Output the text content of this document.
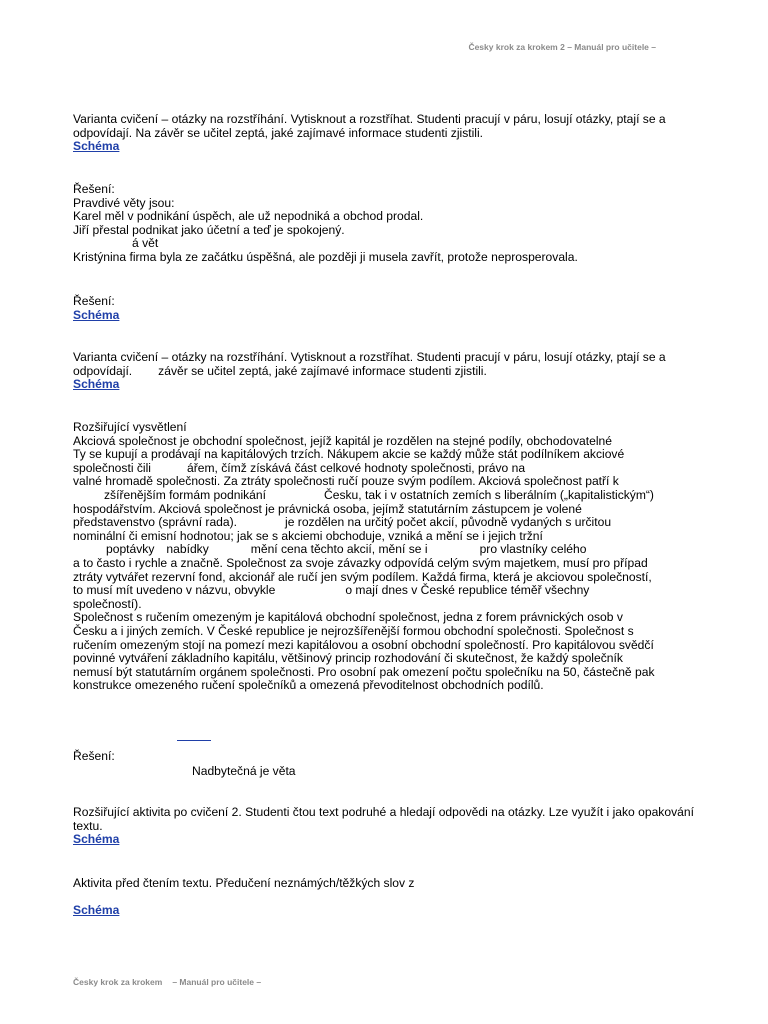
Česky krok za krokem 2 – Manuál pro učitele –

Varianta cvičení – otázky na rozstříhání. Vytisknout a rozstříhat. Studenti pracují v páru, losují otázky, ptají se a odpovídají. Na závěr se učitel zeptá, jaké zajímavé informace studenti zjistili.

Schéma

Řešení:

Pravdivé věty jsou:

Karel měl v podnikání úspěch, ale už nepodniká a obchod prodal.

Jiří přestal podnikat jako účetní a teď je spokojený.

á vět

Kristýnina firma byla ze začátku úspěšná, ale později ji musela zavřít, protože neprosperovala.

Řešení:

Schéma

Varianta cvičení – otázky na rozstříhání. Vytisknout a rozstříhat. Studenti pracují v páru, losují otázky, ptají se a odpovídají. závěr se učitel zeptá, jaké zajímavé informace studenti zjistili.

Schéma

Rozšiřující vysvětlení

Akciová společnost je obchodní společnost, jejíž kapitál je rozdělen na stejné podíly, obchodovatelné

Ty se kupují a prodávají na kapitálových trzích. Nákupem akcie se každý může stát podílníkem akciové

společnosti čili	ářem, čímž získává část celkové hodnoty společnosti, právo na

valné hromadě společnosti. Za ztráty společnosti ručí pouze svým podílem. Akciová společnost patří k

zšířenějším formám podnikání	Česku, tak i v ostatních zemích s liberálním („kapitalistickým“)

hospodářstvím. Akciová společnost je právnická osoba, jejímž statutárním zástupcem je volené

představenstvo (správní rada).	je rozdělen na určitý počet akcií, původně vydaných s určitou

nominální či emisní hodnotou; jak se s akciemi obchoduje, vzniká a mění se i jejich tržní

poptávky nabídky	mění cena těchto akcií, mění se i	pro vlastníky celého

a to často i rychle a značně. Společnost za svoje závazky odpovídá celým svým majetkem, musí pro případ

ztráty vytvářet rezervní fond, akcionář ale ručí jen svým podílem. Každá firma, která je akciovou společností,

to musí mít uvedeno v názvu, obvykle	o mají dnes v České republice téměř všechny

společností).

Společnost s ručením omezeným je kapitálová obchodní společnost, jedna z forem právnických osob v

Česku a i jiných zemích. V České republice je nejrozšířenější formou obchodní společnosti. Společnost s

ručením omezeným stojí na pomezí mezi kapitálovou a osobní obchodní společností. Pro kapitálovou svědčí

povinné vytváření základního kapitálu, většinový princip rozhodování či skutečnost, že každý společník

nemusí být statutárním orgánem společnosti. Pro osobní pak omezení počtu společníku na 50, částečně pak

konstrukce omezeného ručení společníků a omezená převoditelnost obchodních podílů.

Řešení:

Nadbytečná je věta

Rozšiřující aktivita po cvičení 2. Studenti čtou text podruhé a hledají odpovědi na otázky. Lze využít i jako opakování textu.

Schéma

Aktivita před čtením textu. Předučení neznámých/těžkých slov z

Schéma
Česky krok za krokem – Manuál pro učitele –
